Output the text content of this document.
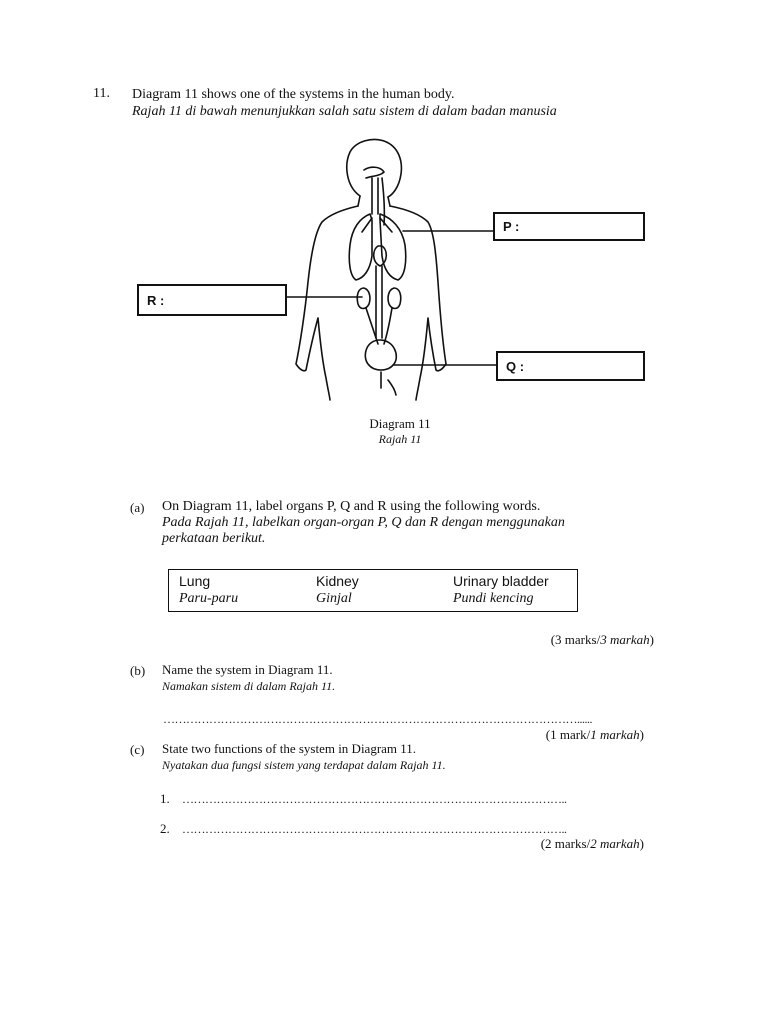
11. Diagram 11 shows one of the systems in the human body.
Rajah 11 di bawah menunjukkan salah satu sistem di dalam badan manusia
P :
R :
Q :
Diagram 11
Rajah 11
(a) On Diagram 11, label organs P, Q and R using the following words.
Pada Rajah 11, labelkan organ-organ P, Q dan R dengan menggunakan
perkataan berikut.
Lung
Paru-paru
Kidney
Ginjal
Urinary bladder
Pundi kencing
(3 marks/3 markah)
(b) Name the system in Diagram 11.
Namakan sistem di dalam Rajah 11.
………………………………………………………………………………………………......
(1 mark/1 markah)
(c) State two functions of the system in Diagram 11.
Nyatakan dua fungsi sistem yang terdapat dalam Rajah 11.
1. ………………………………………………………………………………………..
2. ………………………………………………………………………………………..
(2 marks/2 markah)
